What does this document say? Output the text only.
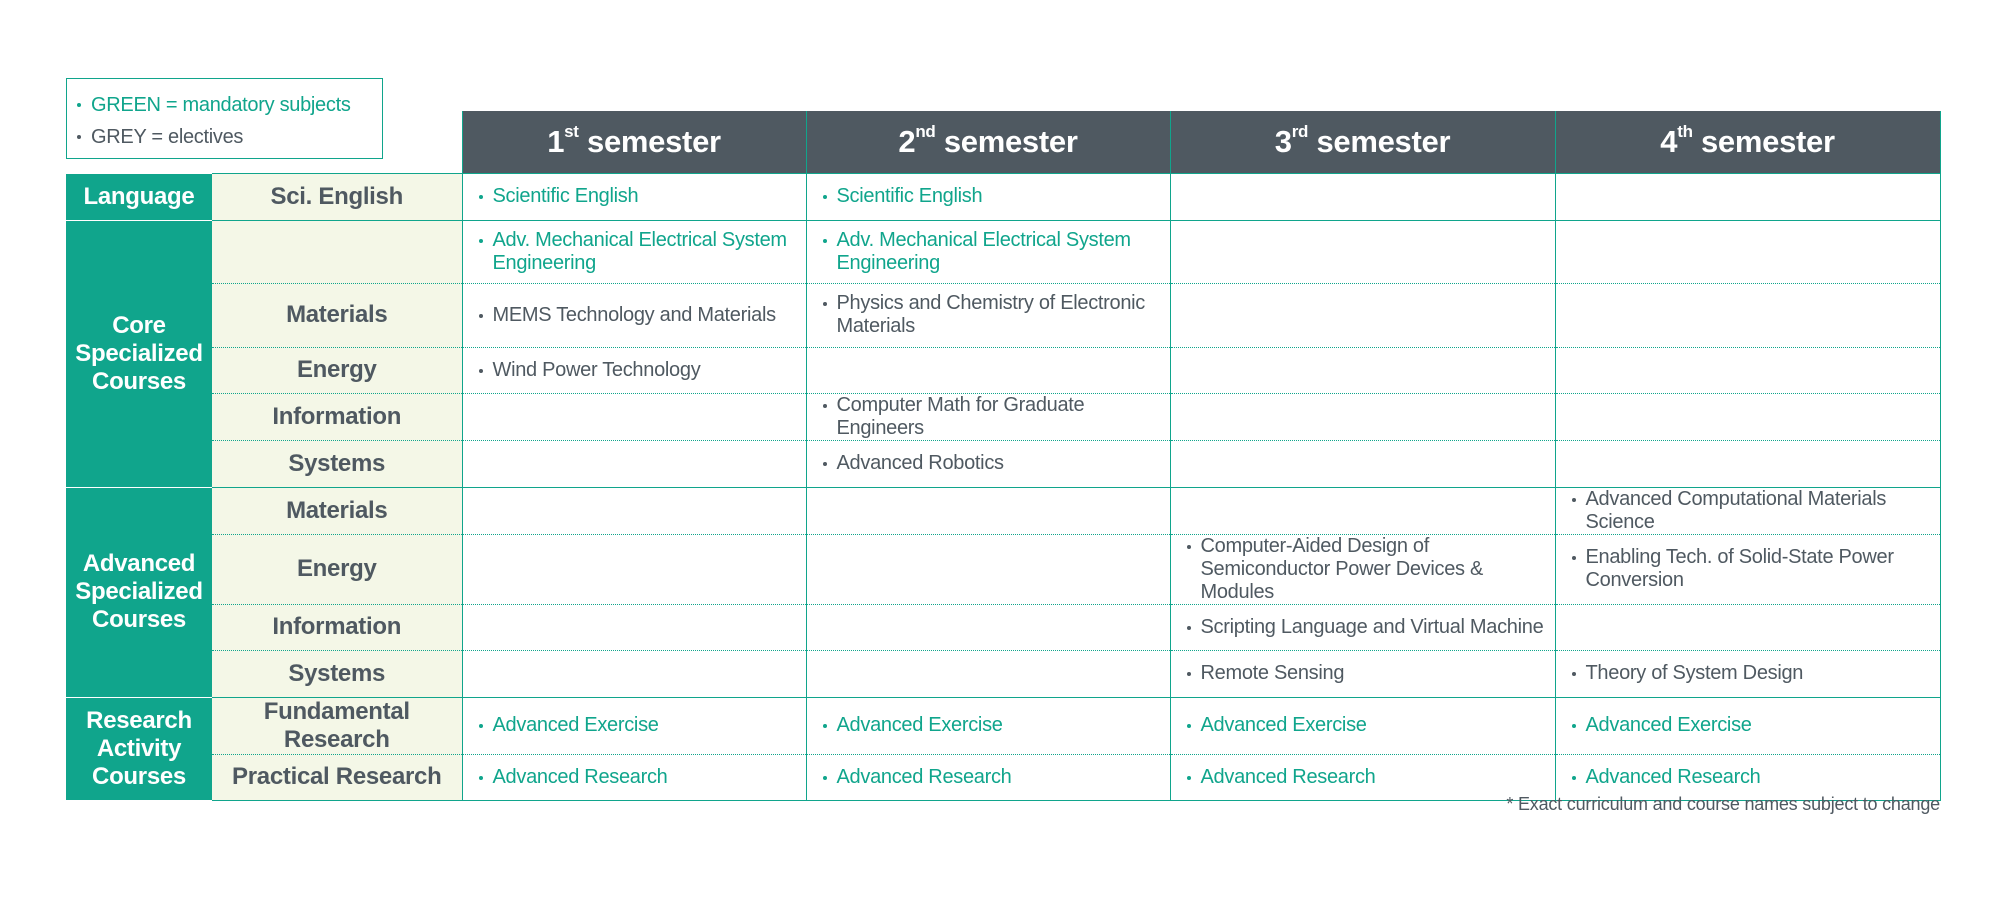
GREEN = mandatory subjects
GREY = electives
			1st semester	2nd semester	3rd semester	4th semester
Language	Sci. English	Scientific English	Scientific English		

Core Specialized Courses		Adv. Mechanical Electrical System Engineering	Adv. Mechanical Electrical System Engineering		

	Materials	MEMS Technology and Materials	Physics and Chemistry of Electronic Materials		

	Energy	Wind Power Technology			

	Information		Computer Math for Graduate Engineers		

	Systems		Advanced Robotics		

Advanced Specialized Courses	Materials				Advanced Computational Materials Science

	Energy			Computer-Aided Design of Semiconductor Power Devices & Modules	Enabling Tech. of Solid-State Power Conversion

	Information			Scripting Language and Virtual Machine	

	Systems			Remote Sensing	Theory of System Design

Research Activity Courses	Fundamental Research	Advanced Exercise	Advanced Exercise	Advanced Exercise	Advanced Exercise

	Practical Research	Advanced Research	Advanced Research	Advanced Research	Advanced Research
* Exact curriculum and course names subject to change
